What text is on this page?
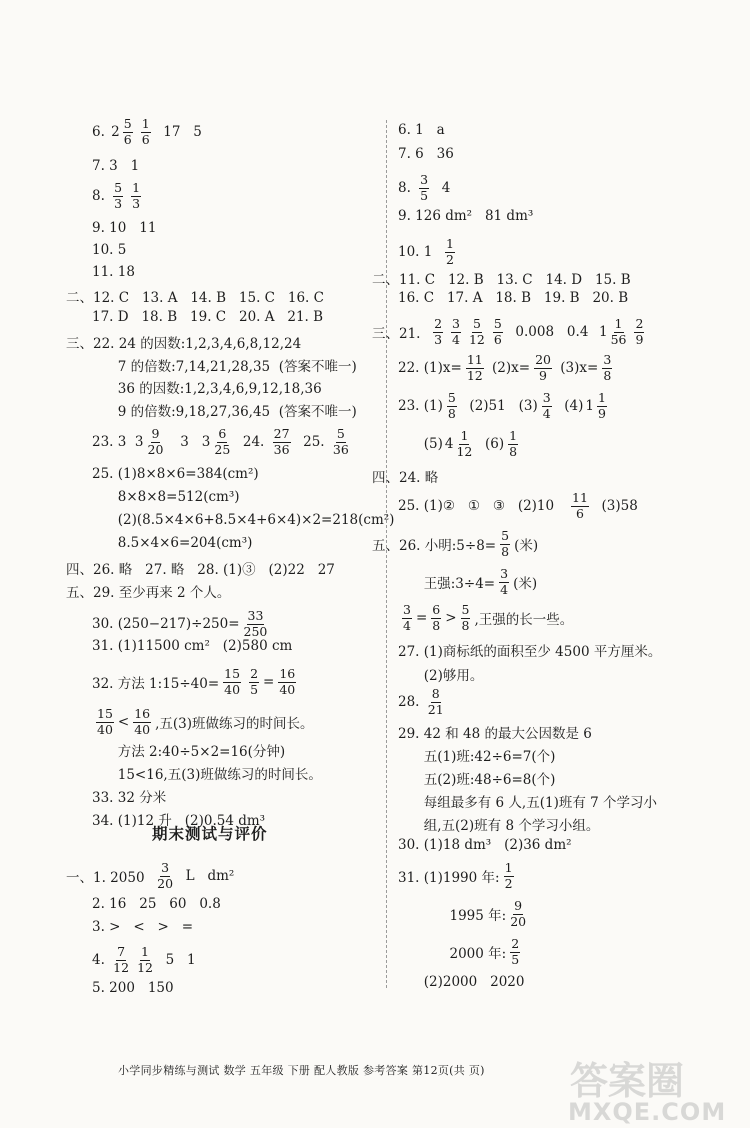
6. $2 \frac{5}{6} \frac{1}{6} 17$   5
7. 3   1
8. $\frac{5}{3} \frac{1}{3}$
9. 10   11
10. 5
11. 18
二、12. C   13. A   14. B   15. C   16. C
17. D   18. B   19. C   20. A   21. B
三、22. 24 的因数:1,2,3,4,6,8,12,24
7 的倍数:7,14,21,28,35  (答案不唯一)
36 的因数:1,2,3,4,6,9,12,18,36
9 的倍数:9,18,27,36,45  (答案不唯一)
23. 3  $3 \frac{9}{20} 3$   $3 \frac{6}{25} 24$. $\frac{27}{36} 25$. $\frac{5}{36}$
25. (1)8×8×6=384(cm²)
8×8×8=512(cm³)
(2)(8.5×4×6+8.5×4+6×4)×2=218(cm²)
8.5×4×6=204(cm³)
四、26. 略   27. 略   28. (1)③   (2)22   27
五、29. 至少再来 2 个人。
30. $(250-217)\div 250= \frac{33}{250}$
31. (1)11500 cm²   (2)580 cm
32. 方法 1:15÷40= $\frac{15}{40} \frac{2}{5} = \frac{16}{40}$
$\frac{15}{40} < \frac{16}{40}$ ,五(3)班做练习的时间长。
方法 2:40÷5×2=16(分钟)
15<16,五(3)班做练习的时间长。
33. 32 分米
34. (1)12 升   (2)0.54 dm³
一、1. $2050 \frac{3}{20}$ L   dm²
2. 16   25   60   0.8
3. >   <   >   =
4. $\frac{7}{12} \frac{1}{12} 5$   1
5. 200   150
6. 1   a
7. 6   36
8. $\frac{3}{5} 4$
9. 126 dm²   81 dm³
10. $1 \frac{1}{2}$
二、11. C   12. B   13. C   14. D   15. B
16. C   17. A   18. B   19. B   20. B
三、21. $\frac{2}{3} \frac{3}{4} \frac{5}{12} \frac{5}{6} 0.008$   0.4 $1 \frac{1}{56} \frac{2}{9}$
22. $(1)x= \frac{11}{12} (2)x= \frac{20}{9} (3)x= \frac{3}{8}$
23. $(1) \frac{5}{8} (2)51$   $(3) \frac{3}{4} (4)$ $1 \frac{1}{9}$
(5) $4 \frac{1}{12} (6) \frac{1}{8}$
四、24. 略
25. (1)②   ①   ③   $(2)10 \frac{11}{6} (3)58$
五、26. 小明:5÷8= $\frac{5}{8}$ (米)
王强:3÷4= $\frac{3}{4}$ (米)
$\frac{3}{4} = \frac{6}{8} > \frac{5}{8}$ ,王强的长一些。
27. (1)商标纸的面积至少 4500 平方厘米。
(2)够用。
28. $\frac{8}{21}$
29. 42 和 48 的最大公因数是 6
五(1)班:42÷6=7(个)
五(2)班:48÷6=8(个)
每组最多有 6 人,五(1)班有 7 个学习小
组,五(2)班有 8 个学习小组。
30. (1)18 dm³   (2)36 dm²
31. (1)1990 年: $\frac{1}{2}$
1995 年: $\frac{9}{20}$
2000 年: $\frac{2}{5}$
(2)2000   2020
期末测试与评价
小学同步精练与测试 数学 五年级 下册 配人教版 参考答案 第12页(共 页) 答案圈
MXQE.COM
